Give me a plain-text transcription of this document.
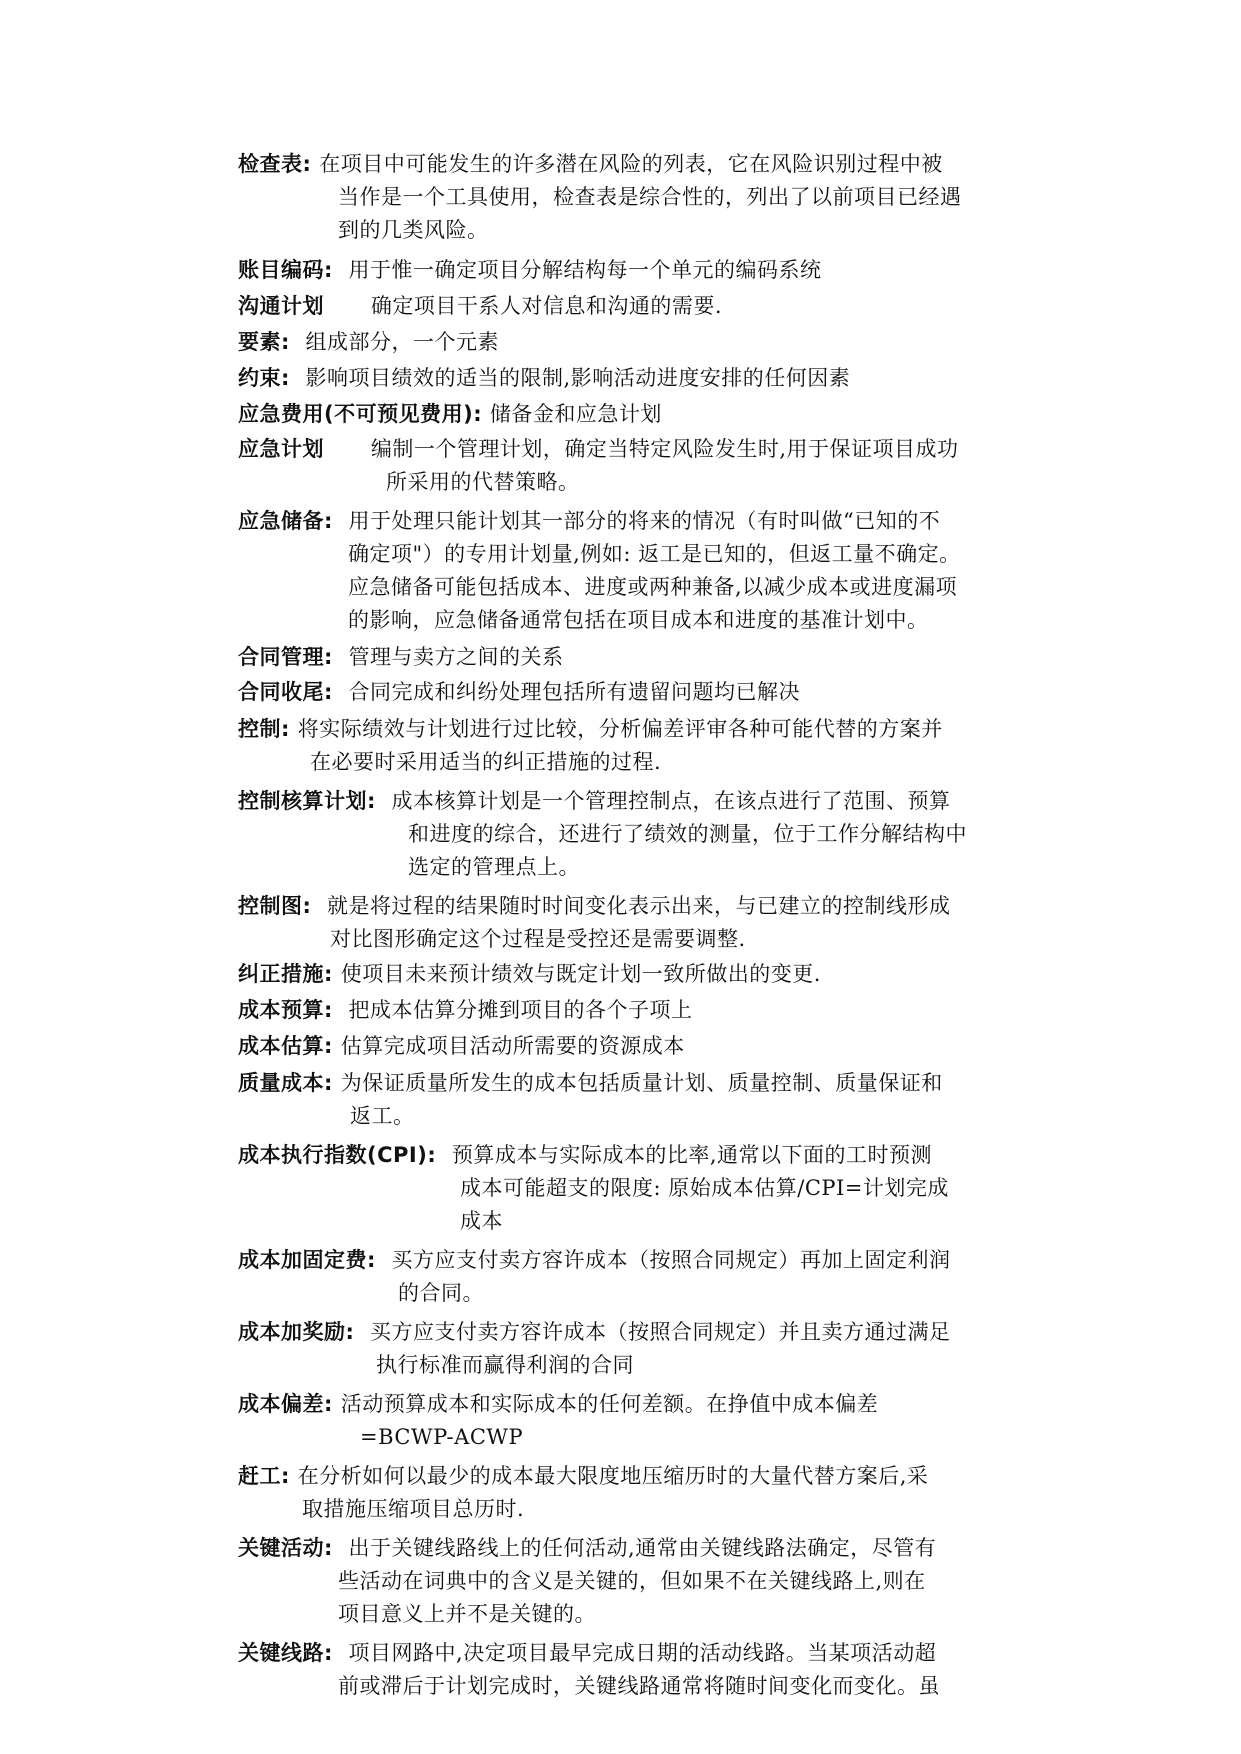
检查表: 在项目中可能发生的许多潜在风险的列表，它在风险识别过程中被
当作是一个工具使用，检查表是综合性的，列出了以前项目已经遇
到的几类风险。
账目编码:  用于惟一确定项目分解结构每一个单元的编码系统
沟通计划 确定项目干系人对信息和沟通的需要.
要素:  组成部分，一个元素
约束:  影响项目绩效的适当的限制,影响活动进度安排的任何因素
应急费用(不可预见费用): 储备金和应急计划
应急计划 编制一个管理计划，确定当特定风险发生时,用于保证项目成功
所采用的代替策略。
应急储备:  用于处理只能计划其一部分的将来的情况（有时叫做“已知的不
确定项"）的专用计划量,例如: 返工是已知的，但返工量不确定。
应急储备可能包括成本、进度或两种兼备,以减少成本或进度漏项
的影响，应急储备通常包括在项目成本和进度的基准计划中。
合同管理:  管理与卖方之间的关系
合同收尾:  合同完成和纠纷处理包括所有遗留问题均已解决
控制: 将实际绩效与计划进行过比较，分析偏差评审各种可能代替的方案并
在必要时采用适当的纠正措施的过程.
控制核算计划:  成本核算计划是一个管理控制点，在该点进行了范围、预算
和进度的综合，还进行了绩效的测量，位于工作分解结构中
选定的管理点上。
控制图:  就是将过程的结果随时时间变化表示出来，与已建立的控制线形成
对比图形确定这个过程是受控还是需要调整.
纠正措施: 使项目未来预计绩效与既定计划一致所做出的变更.
成本预算:  把成本估算分摊到项目的各个子项上
成本估算: 估算完成项目活动所需要的资源成本
质量成本: 为保证质量所发生的成本包括质量计划、质量控制、质量保证和
返工。
成本执行指数(CPI):  预算成本与实际成本的比率,通常以下面的工时预测
成本可能超支的限度: 原始成本估算/CPI=计划完成
成本
成本加固定费:  买方应支付卖方容许成本（按照合同规定）再加上固定利润
的合同。
成本加奖励:  买方应支付卖方容许成本（按照合同规定）并且卖方通过满足
执行标准而赢得利润的合同
成本偏差: 活动预算成本和实际成本的任何差额。在挣值中成本偏差
=BCWP-ACWP
赶工: 在分析如何以最少的成本最大限度地压缩历时的大量代替方案后,采
取措施压缩项目总历时.
关键活动:  出于关键线路线上的任何活动,通常由关键线路法确定，尽管有
些活动在词典中的含义是关键的，但如果不在关键线路上,则在
项目意义上并不是关键的。
关键线路:  项目网路中,决定项目最早完成日期的活动线路。当某项活动超
前或滞后于计划完成时，关键线路通常将随时间变化而变化。虽
